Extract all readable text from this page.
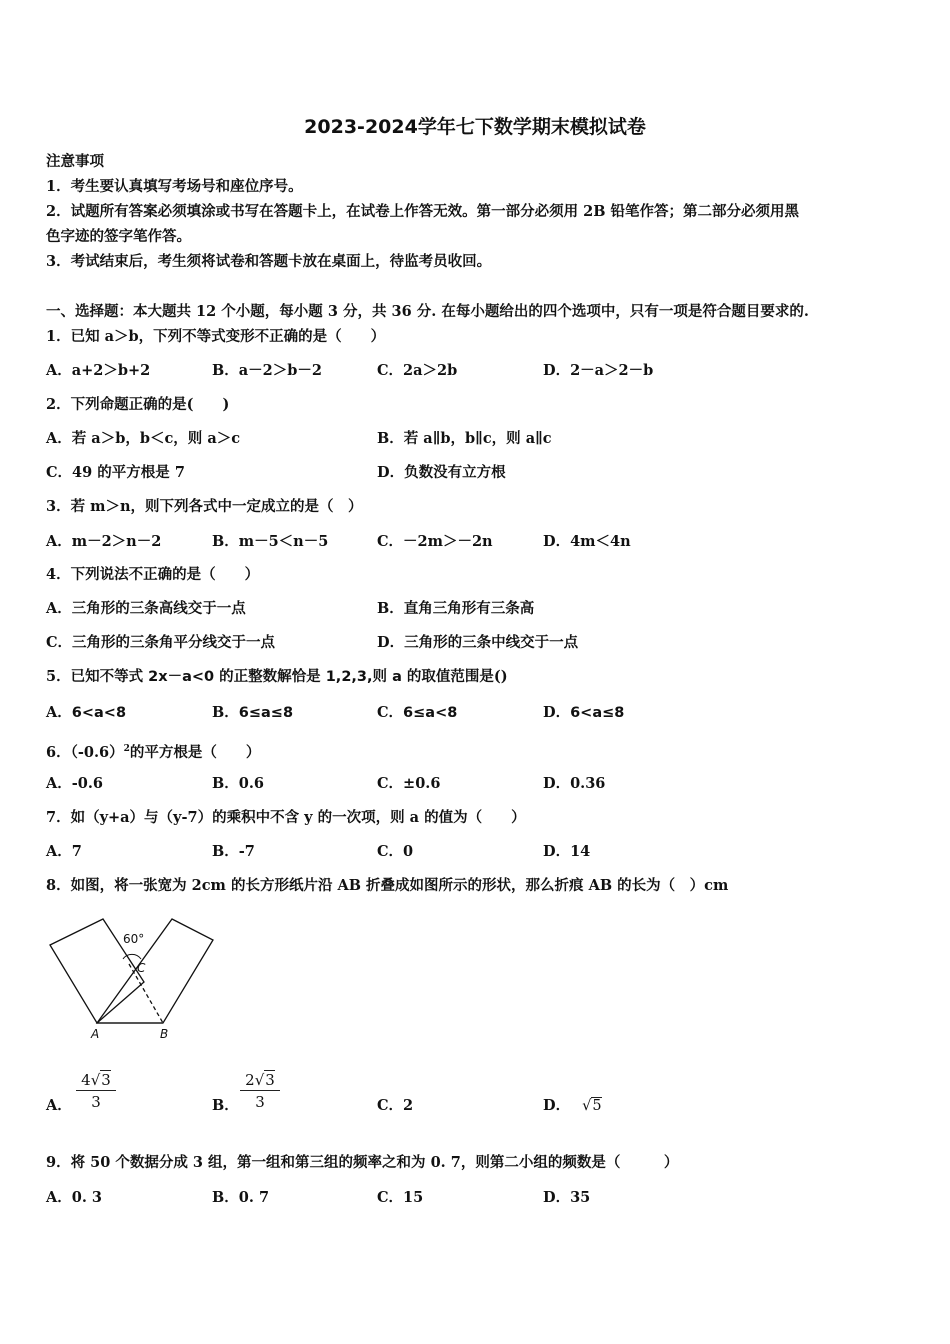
2023-2024学年七下数学期末模拟试卷
注意事项
1．考生要认真填写考场号和座位序号。
2．试题所有答案必须填涂或书写在答题卡上，在试卷上作答无效。第一部分必须用 2B 铅笔作答；第二部分必须用黑
色字迹的签字笔作答。
3．考试结束后，考生须将试卷和答题卡放在桌面上，待监考员收回。
一、选择题：本大题共 12 个小题，每小题 3 分，共 36 分. 在每小题给出的四个选项中，只有一项是符合题目要求的.
1．已知 a＞b，下列不等式变形不正确的是（　　）
A．a+2＞b+2	B．a－2＞b－2	C．2a＞2b	D．2－a＞2－b
2．下列命题正确的是(　　)
A．若 a＞b，b＜c，则 a＞c	B．若 a∥b，b∥c，则 a∥c
C．49 的平方根是 7	D．负数没有立方根
3．若 m＞n，则下列各式中一定成立的是（　）
A．m－2＞n－2	B．m－5＜n－5	C．－2m＞－2n	D．4m＜4n
4．下列说法不正确的是（　　）
A．三角形的三条高线交于一点	B．直角三角形有三条高
C．三角形的三条角平分线交于一点	D．三角形的三条中线交于一点
5．已知不等式 2x－a<0 的正整数解恰是 1,2,3,则 a 的取值范围是()
A．6<a<8	B．6≤a≤8	C．6≤a<8	D．6<a≤8
6．$(-0.6)^2$的平方根是（　　）
A．-0.6	B．0.6	C．±0.6	D．0.36
7．如（y+a）与（y-7）的乘积中不含 y 的一次项，则 a 的值为（　　）
A．7	B．-7	C．0	D．14
8．如图，将一张宽为 2cm 的长方形纸片沿 AB 折叠成如图所示的形状，那么折痕 AB 的长为（　）cm
60°
C
A	B
A． $\frac{4√3}{3}$	B． $\frac{2√3}{3}$	C．2	D． √5
9．将 50 个数据分成 3 组，第一组和第三组的频率之和为 0. 7，则第二小组的频数是（　　　）
A．0. 3	B．0. 7	C．15	D．35
